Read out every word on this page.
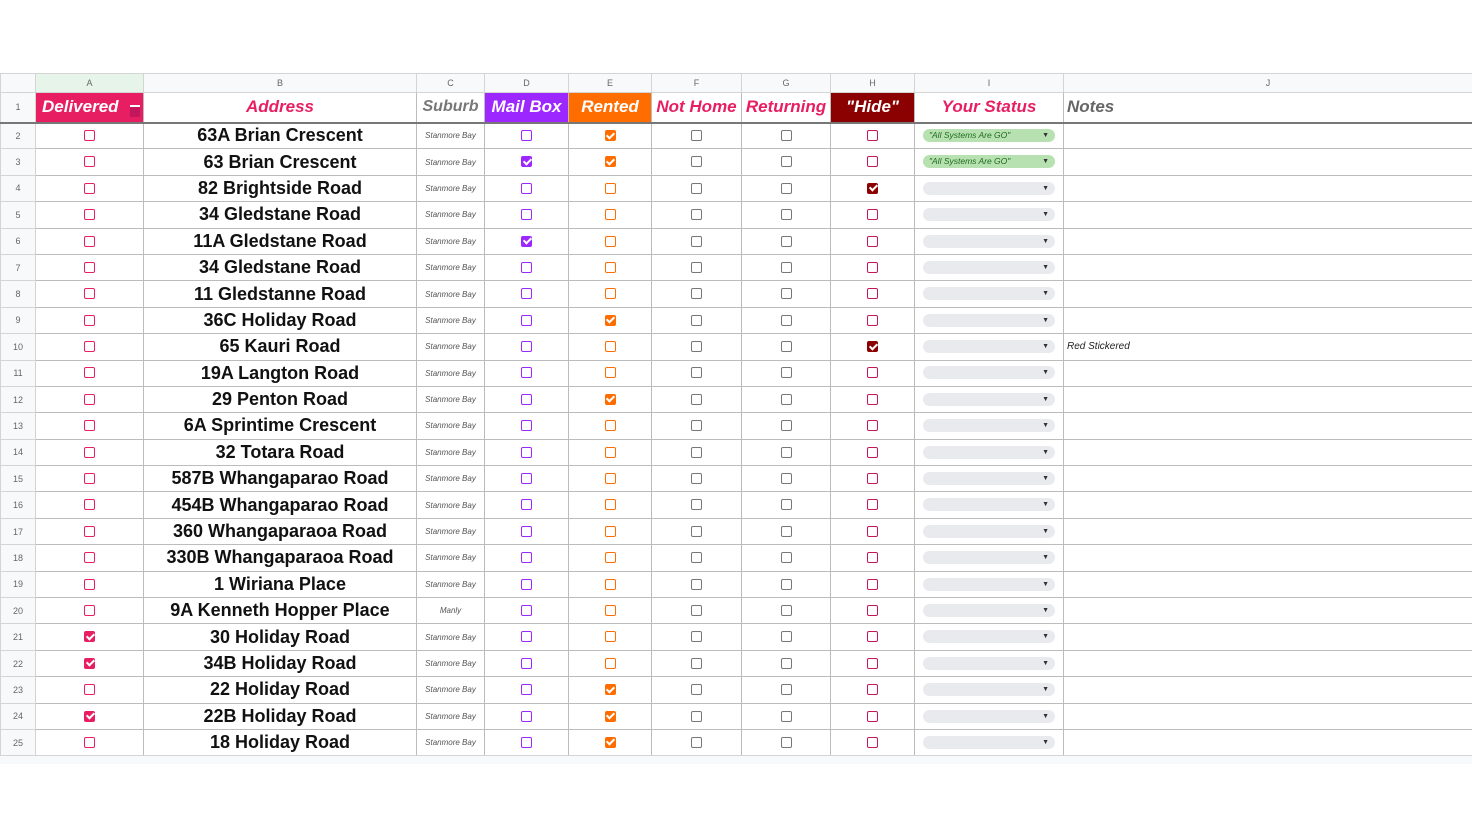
	A	B	C	D	E	F	G	H	I	J
1	Delivered	Address	Suburb	Mail Box	Rented	Not Home	Returning	"Hide"	Your Status	Notes
2		63A Brian Crescent	Stanmore Bay						"All Systems Are GO" ▼	

3		63 Brian Crescent	Stanmore Bay						"All Systems Are GO" ▼	

4		82 Brightside Road	Stanmore Bay						▼	

5		34 Gledstane Road	Stanmore Bay						▼	

6		11A Gledstane Road	Stanmore Bay						▼	

7		34 Gledstane Road	Stanmore Bay						▼	

8		11 Gledstanne Road	Stanmore Bay						▼	

9		36C Holiday Road	Stanmore Bay						▼	

10		65 Kauri Road	Stanmore Bay						▼	Red Stickered
11		19A Langton Road	Stanmore Bay						▼	

12		29 Penton Road	Stanmore Bay						▼	

13		6A Sprintime Crescent	Stanmore Bay						▼	

14		32 Totara Road	Stanmore Bay						▼	

15		587B Whangaparao Road	Stanmore Bay						▼	

16		454B Whangaparao Road	Stanmore Bay						▼	

17		360 Whangaparaoa Road	Stanmore Bay						▼	

18		330B Whangaparaoa Road	Stanmore Bay						▼	

19		1 Wiriana Place	Stanmore Bay						▼	

20		9A Kenneth Hopper Place	Manly						▼	

21		30 Holiday Road	Stanmore Bay						▼	

22		34B Holiday Road	Stanmore Bay						▼	

23		22 Holiday Road	Stanmore Bay						▼	

24		22B Holiday Road	Stanmore Bay						▼	

25		18 Holiday Road	Stanmore Bay						▼	
